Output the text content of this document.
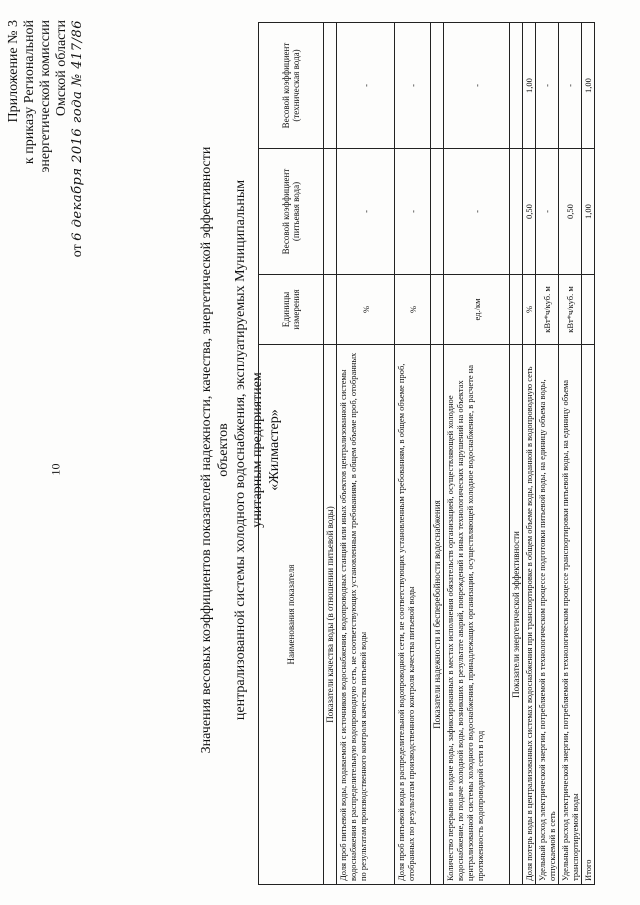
10
Приложение № 3 к приказу Региональной энергетической комиссии Омской области
от 6 декабря 2016 года № 417/86
Значения весовых коэффициентов показателей надежности, качества, энергетической эффективности объектов централизованной системы холодного водоснабжения, эксплуатируемых Муниципальным унитарным предприятием «Жилмастер»
Наименования показателя	Единицы измерения	Весовой коэффициент (питьевая вода)	Весовой коэффициент (техническая вода)
Показатели качества воды (в отношении питьевой воды)			
Доля проб питьевой воды, подаваемой с источников водоснабжения, водопроводных станций или иных объектов централизованной системы водоснабжения в распределительную водопроводную сеть, не соответствующих установленным требованиям, в общем объеме проб, отобранных по результатам производственного контроля качества питьевой воды	%	-	-
Доля проб питьевой воды в распределительной водопроводной сети, не соответствующих установленным требованиям, в общем объеме проб, отобранных по результатам производственного контроля качества питьевой воды	%	-	-
Показатели надежности и бесперебойности водоснабжения			
Количество перерывов в подаче воды, зафиксированных в местах исполнения обязательств организацией, осуществляющей холодное водоснабжение, по подаче холодной воды, возникших в результате аварий, повреждений и иных технологических нарушений на объектах централизованной системы холодного водоснабжения, принадлежащих организации, осуществляющей холодное водоснабжение, в расчете на протяженность водопроводной сети в год	ед./км	-	-
Показатели энергетической эффективности			
Доля потерь воды в централизованных системах водоснабжения при транспортировке в общем объеме воды, поданной в водопроводную сеть	%	0,50	1,00
Удельный расход электрической энергии, потребляемой в технологическом процессе подготовки питьевой воды, на единицу объема воды, отпускаемой в сеть	кВт*ч/куб. м	-	-
Удельный расход электрической энергии, потребляемой в технологическом процессе транспортировки питьевой воды, на единицу объема транспортируемой воды	кВт*ч/куб. м	0,50	-
Итого		1,00	1,00
